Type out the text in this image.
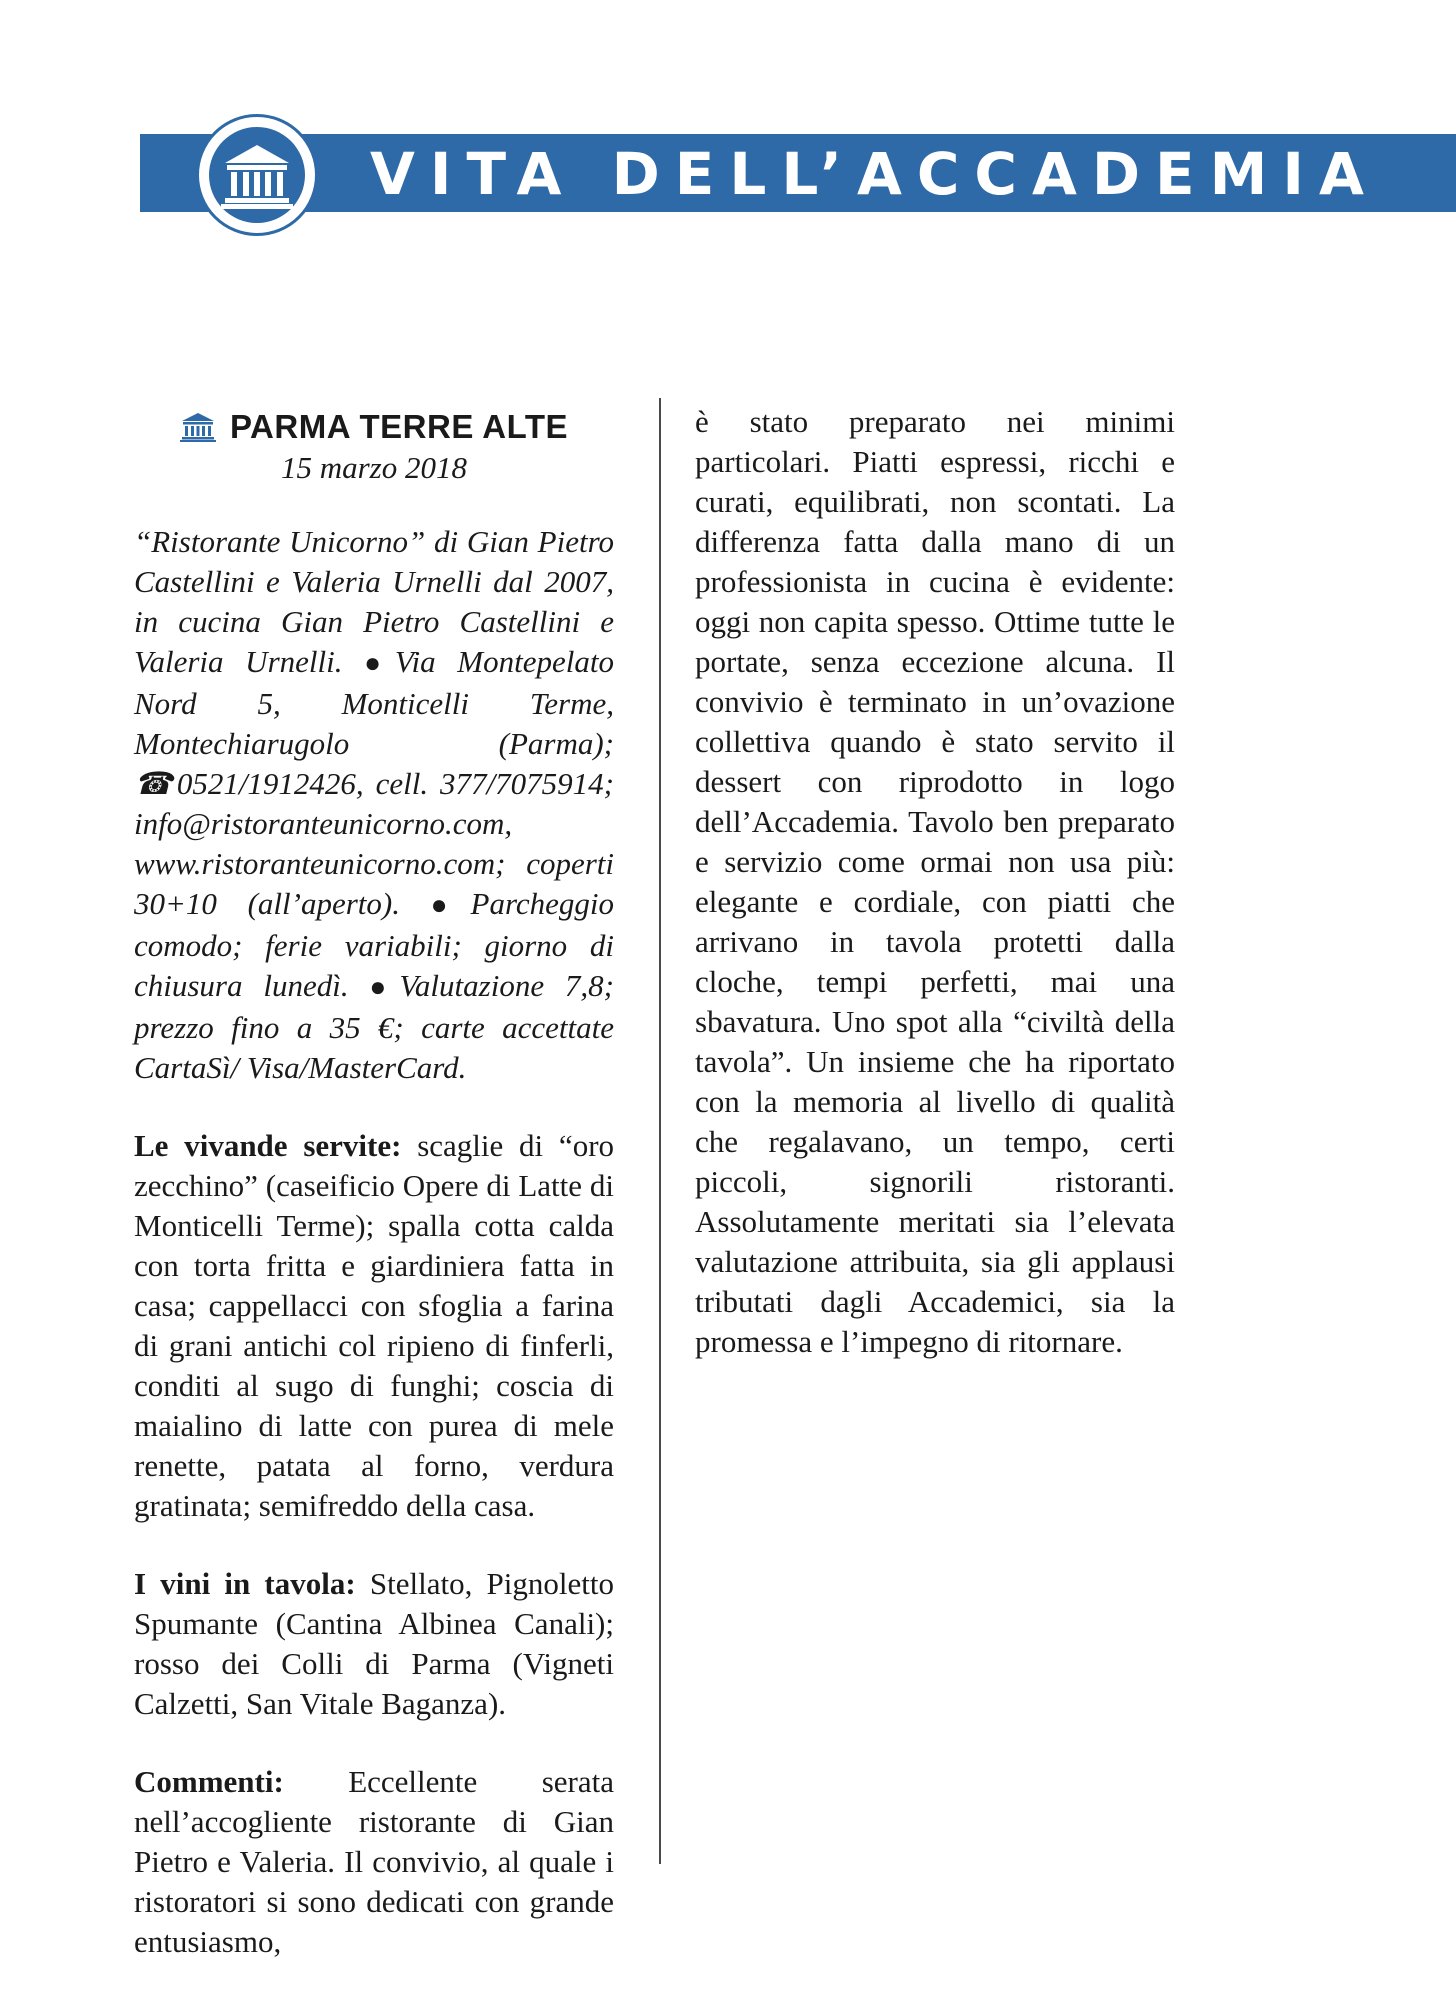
VITA DELL’ACCADEMIA
PARMA TERRE ALTE
15 marzo 2018
“Ristorante Unicorno” di Gian Pietro Castellini e Valeria Urnelli dal 2007, in cucina Gian Pietro Castellini e Valeria Urnelli. ●Via Montepelato Nord 5, Monticelli Terme, Montechiarugolo (Parma); ☎0521/1912426, cell. 377/7075914; info@ristoranteunicorno.com, www.ristoranteunicorno.com; coperti 30+10 (all’aperto). ●Parcheggio comodo; ferie variabili; giorno di chiusura lunedì. ●Valutazione 7,8; prezzo fino a 35 €; carte accettate CartaSì/ Visa/MasterCard.
Le vivande servite: scaglie di “oro zecchino” (caseificio Opere di Latte di Monticelli Terme); spalla cotta calda con torta fritta e giardiniera fatta in casa; cappellacci con sfoglia a farina di grani antichi col ripieno di finferli, conditi al sugo di funghi; coscia di maialino di latte con purea di mele renette, patata al forno, verdura gratinata; semifreddo della casa.
I vini in tavola: Stellato, Pignoletto Spumante (Cantina Albinea Canali); rosso dei Colli di Parma (Vigneti Calzetti, San Vitale Baganza).
Commenti: Eccellente serata nell’accogliente ristorante di Gian Pietro e Valeria. Il convivio, al quale i ristoratori si sono dedicati con grande entusiasmo,
è stato preparato nei minimi particolari. Piatti espressi, ricchi e curati, equilibrati, non scontati. La differenza fatta dalla mano di un professionista in cucina è evidente: oggi non capita spesso. Ottime tutte le portate, senza eccezione alcuna. Il convivio è terminato in un’ovazione collettiva quando è stato servito il dessert con riprodotto in logo dell’Accademia. Tavolo ben preparato e servizio come ormai non usa più: elegante e cordiale, con piatti che arrivano in tavola protetti dalla cloche, tempi perfetti, mai una sbavatura. Uno spot alla “civiltà della tavola”. Un insieme che ha riportato con la memoria al livello di qualità che regalavano, un tempo, certi piccoli, signorili ristoranti. Assolutamente meritati sia l’elevata valutazione attribuita, sia gli applausi tributati dagli Accademici, sia la promessa e l’impegno di ritornare.
